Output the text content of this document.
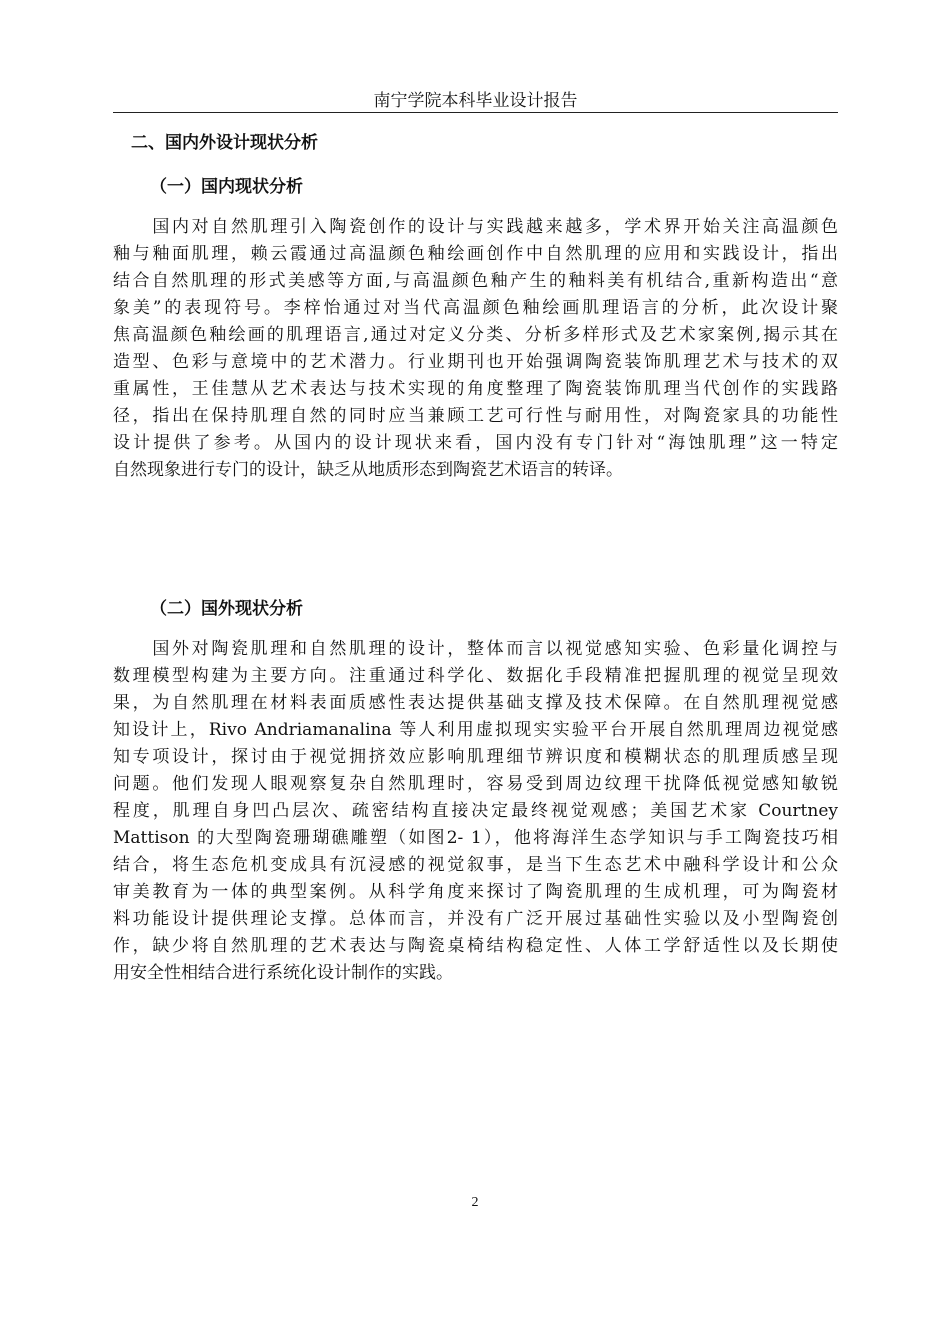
南宁学院本科毕业设计报告
二、国内外设计现状分析
（一）国内现状分析
　　国内对自然肌理引入陶瓷创作的设计与实践越来越多，学术界开始关注高温颜色
釉与釉面肌理，赖云霞通过高温颜色釉绘画创作中自然肌理的应用和实践设计，指出
结合自然肌理的形式美感等方面,与高温颜色釉产生的釉料美有机结合,重新构造出“意
象美”的表现符号。李梓怡通过对当代高温颜色釉绘画肌理语言的分析，此次设计聚
焦高温颜色釉绘画的肌理语言,通过对定义分类、分析多样形式及艺术家案例,揭示其在
造型、色彩与意境中的艺术潜力。行业期刊也开始强调陶瓷装饰肌理艺术与技术的双
重属性，王佳慧从艺术表达与技术实现的角度整理了陶瓷装饰肌理当代创作的实践路
径，指出在保持肌理自然的同时应当兼顾工艺可行性与耐用性，对陶瓷家具的功能性
设计提供了参考。从国内的设计现状来看，国内没有专门针对“海蚀肌理”这一特定
自然现象进行专门的设计，缺乏从地质形态到陶瓷艺术语言的转译。
（二）国外现状分析
　　国外对陶瓷肌理和自然肌理的设计，整体而言以视觉感知实验、色彩量化调控与
数理模型构建为主要方向。注重通过科学化、数据化手段精准把握肌理的视觉呈现效
果，为自然肌理在材料表面质感性表达提供基础支撑及技术保障。在自然肌理视觉感
知设计上，Rivo Andriamanalina 等人利用虚拟现实实验平台开展自然肌理周边视觉感
知专项设计，探讨由于视觉拥挤效应影响肌理细节辨识度和模糊状态的肌理质感呈现
问题。他们发现人眼观察复杂自然肌理时，容易受到周边纹理干扰降低视觉感知敏锐
程度，肌理自身凹凸层次、疏密结构直接决定最终视觉观感；美国艺术家 Courtney
Mattison 的大型陶瓷珊瑚礁雕塑（如图2- 1），他将海洋生态学知识与手工陶瓷技巧相
结合，将生态危机变成具有沉浸感的视觉叙事，是当下生态艺术中融科学设计和公众
审美教育为一体的典型案例。从科学角度来探讨了陶瓷肌理的生成机理，可为陶瓷材
料功能设计提供理论支撑。总体而言，并没有广泛开展过基础性实验以及小型陶瓷创
作，缺少将自然肌理的艺术表达与陶瓷桌椅结构稳定性、人体工学舒适性以及长期使
用安全性相结合进行系统化设计制作的实践。
2
